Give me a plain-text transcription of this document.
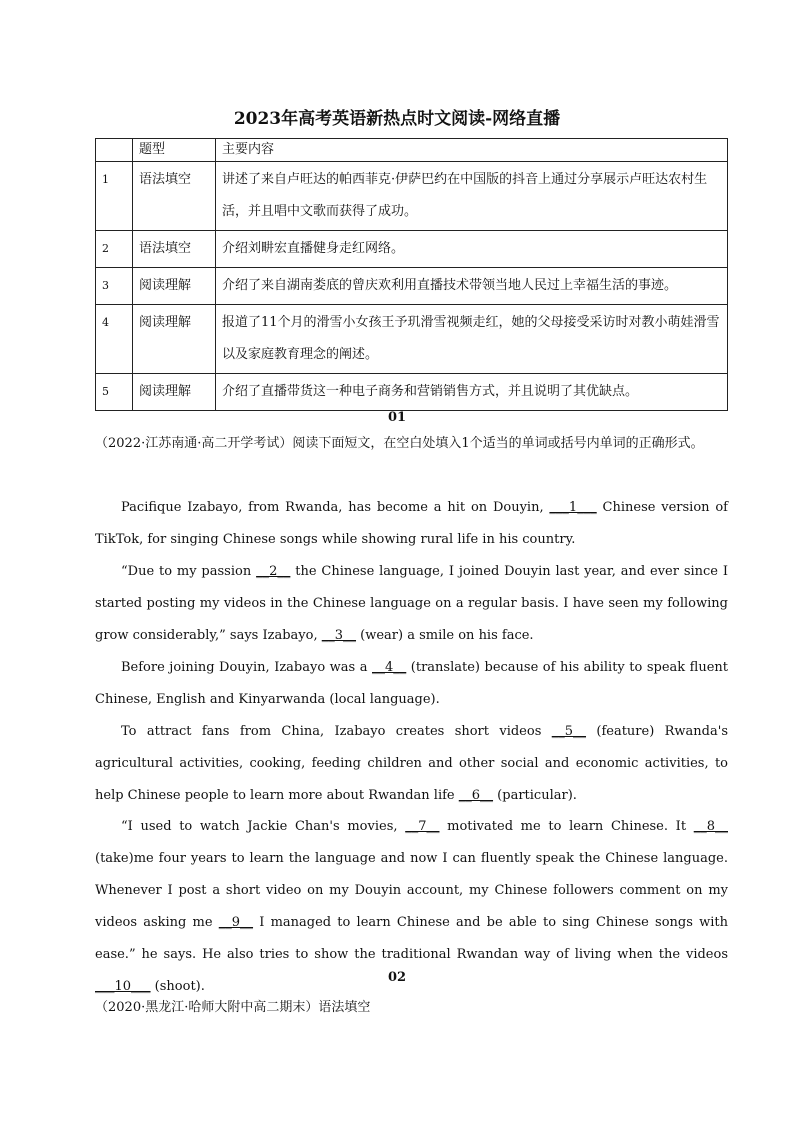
2023年高考英语新热点时文阅读-网络直播
	题型	主要内容
1	语法填空	讲述了来自卢旺达的帕西菲克·伊萨巴约在中国版的抖音上通过分享展示卢旺达农村生活，并且唱中文歌而获得了成功。
2	语法填空	介绍刘畊宏直播健身走红网络。
3	阅读理解	介绍了来自湖南娄底的曾庆欢利用直播技术带领当地人民过上幸福生活的事迹。
4	阅读理解	报道了11个月的滑雪小女孩王予玑滑雪视频走红，她的父母接受采访时对教小萌娃滑雪以及家庭教育理念的阐述。
5	阅读理解	介绍了直播带货这一种电子商务和营销销售方式，并且说明了其优缺点。
01

（2022·江苏南通·高二开学考试）阅读下面短文，在空白处填入1个适当的单词或括号内单词的正确形式。

Pacifique Izabayo, from Rwanda, has become a hit on Douyin, ___1___ Chinese version of TikTok, for singing Chinese songs while showing rural life in his country.

“Due to my passion __2__ the Chinese language, I joined Douyin last year, and ever since I started posting my videos in the Chinese language on a regular basis. I have seen my following grow considerably,” says Izabayo, __3__ (wear) a smile on his face.

Before joining Douyin, Izabayo was a __4__ (translate) because of his ability to speak fluent Chinese, English and Kinyarwanda (local language).

To attract fans from China, Izabayo creates short videos __5__ (feature) Rwanda's agricultural activities, cooking, feeding children and other social and economic activities, to help Chinese people to learn more about Rwandan life __6__ (particular).

“I used to watch Jackie Chan's movies, __7__ motivated me to learn Chinese. It __8__ (take)me four years to learn the language and now I can fluently speak the Chinese language. Whenever I post a short video on my Douyin account, my Chinese followers comment on my videos asking me __9__ I managed to learn Chinese and be able to sing Chinese songs with ease.” he says. He also tries to show the traditional Rwandan way of living when the videos ___10___ (shoot).

02

（2020·黑龙江·哈师大附中高二期末）语法填空
